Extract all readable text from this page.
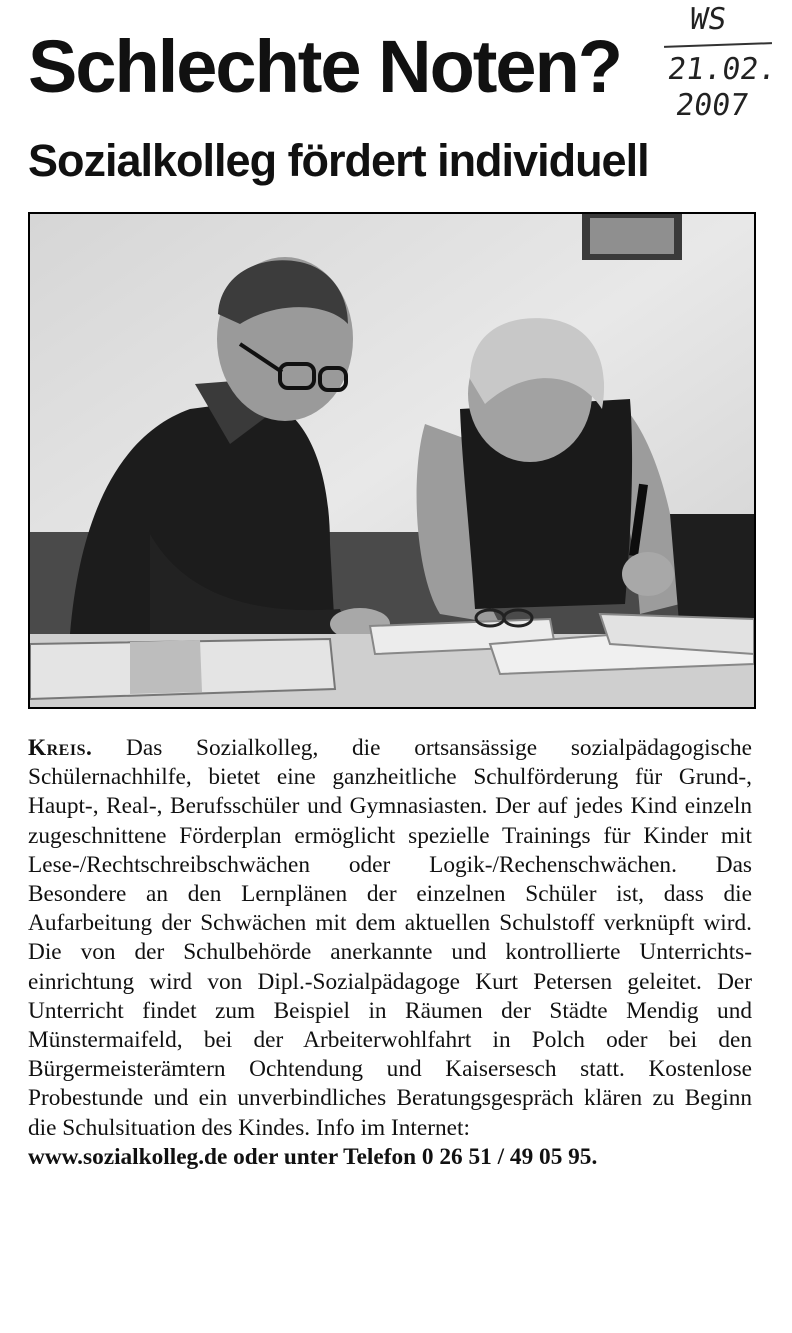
Schlechte Noten?
Sozialkolleg fördert individuell
WS
21.02.
2007

Kreis. Das Sozialkolleg, die ortsansässige sozialpädagogische Schülernachhilfe, bietet eine ganzheitliche Schulförderung für Grund-, Haupt-, Real-, Berufsschüler und Gymnasiasten. Der auf jedes Kind einzeln zugeschnittene Förderplan ermöglicht spezielle Trainings für Kinder mit Lese-/Rechtschreibschwächen oder Logik-/Rechenschwächen. Das Besondere an den Lernplänen der einzelnen Schüler ist, dass die Aufarbeitung der Schwächen mit dem aktuellen Schulstoff verknüpft wird. Die von der Schulbehörde anerkannte und kontrollierte Unterrichts-einrichtung wird von Dipl.-Sozialpädagoge Kurt Petersen geleitet. Der Unterricht findet zum Beispiel in Räumen der Städte Mendig und Münstermaifeld, bei der Arbeiterwohlfahrt in Polch oder bei den Bürgermeisterämtern Ochtendung und Kaisersesch statt. Kostenlose Probestunde und ein unverbindliches Beratungsgespräch klären zu Beginn die Schulsituation des Kindes. Info im Internet:
www.sozialkolleg.de oder unter Telefon 0 26 51 / 49 05 95.
